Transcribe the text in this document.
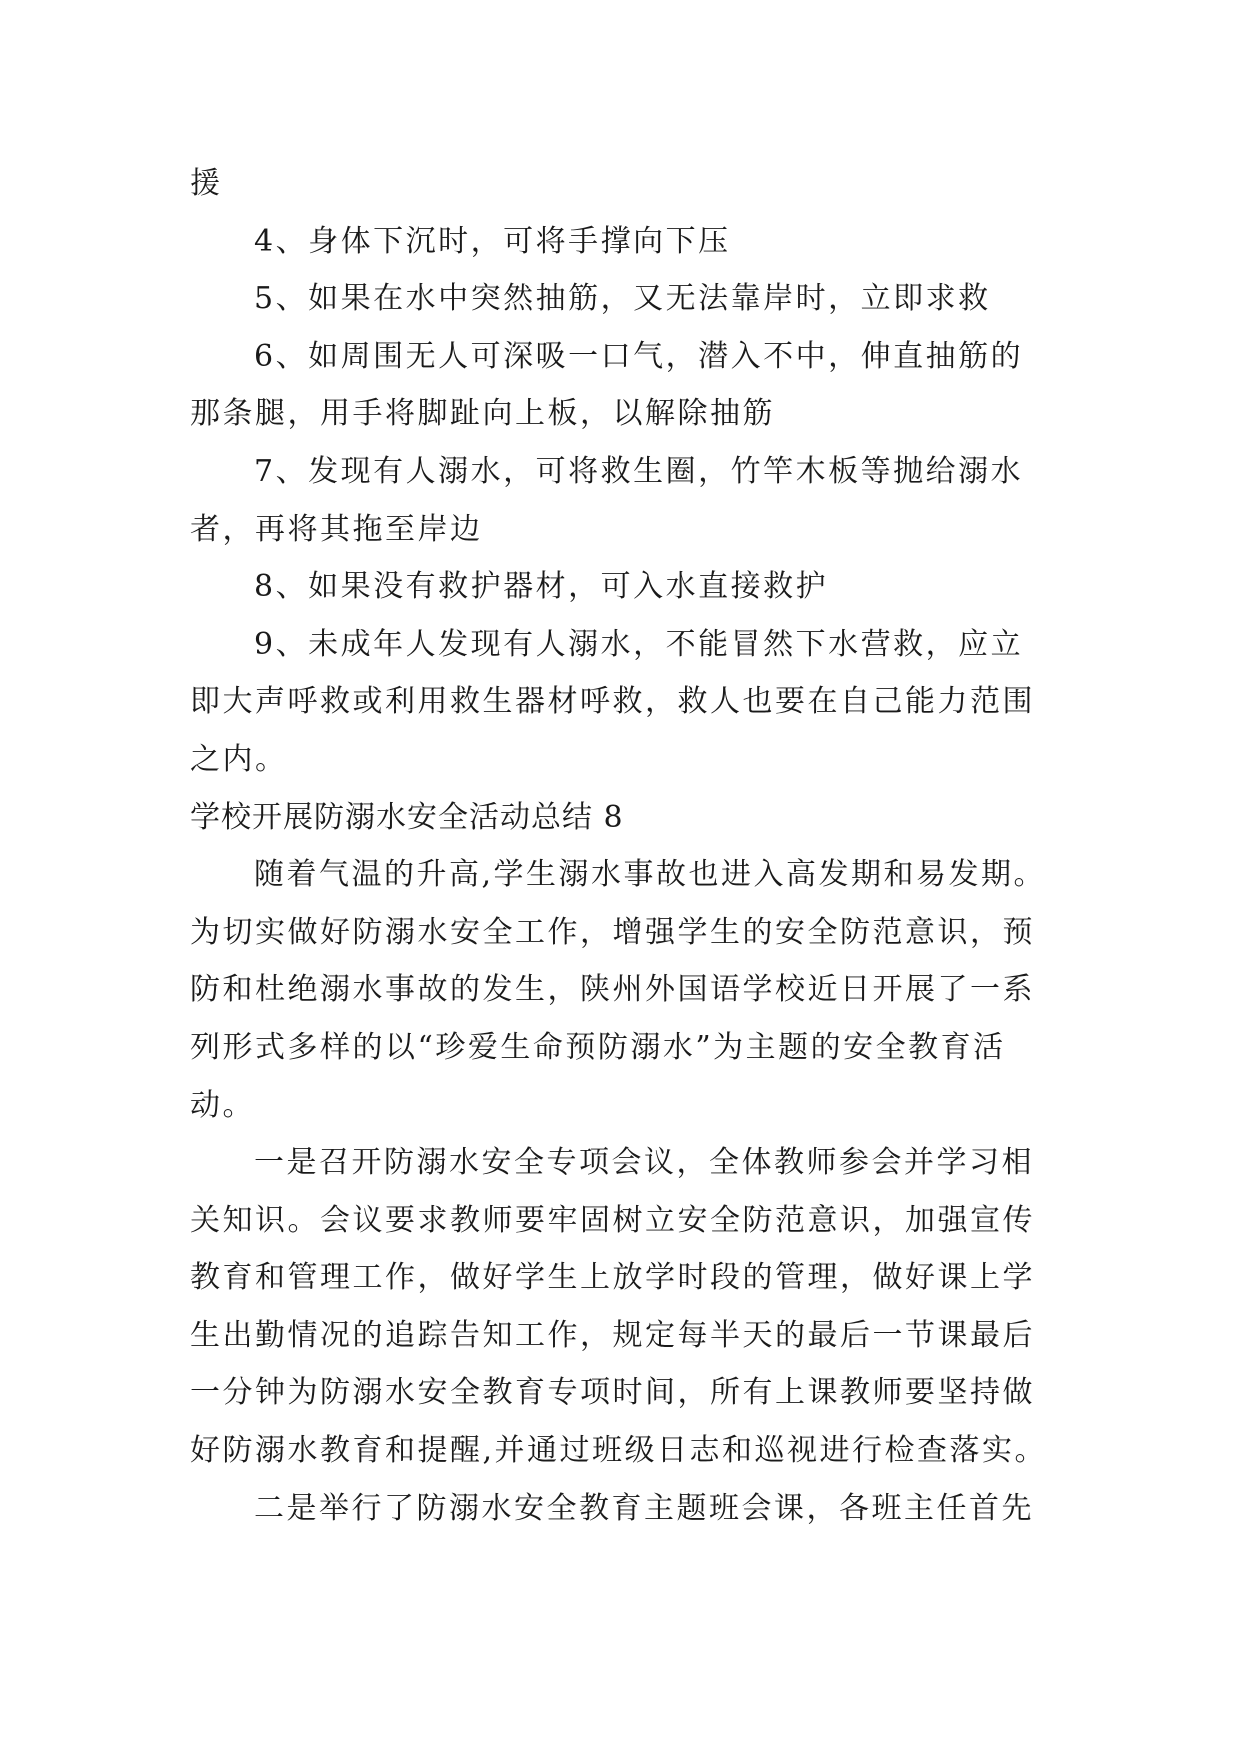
援
4、身体下沉时，可将手撑向下压
5、如果在水中突然抽筋，又无法靠岸时，立即求救
6、如周围无人可深吸一口气，潜入不中，伸直抽筋的
那条腿，用手将脚趾向上板，以解除抽筋
7、发现有人溺水，可将救生圈，竹竿木板等抛给溺水
者，再将其拖至岸边
8、如果没有救护器材，可入水直接救护
9、未成年人发现有人溺水，不能冒然下水营救，应立
即大声呼救或利用救生器材呼救，救人也要在自己能力范围
之内。
学校开展防溺水安全活动总结 8
随着气温的升高,学生溺水事故也进入高发期和易发期。
为切实做好防溺水安全工作，增强学生的安全防范意识，预
防和杜绝溺水事故的发生，陕州外国语学校近日开展了一系
列形式多样的以“珍爱生命预防溺水”为主题的安全教育活
动。
一是召开防溺水安全专项会议，全体教师参会并学习相
关知识。会议要求教师要牢固树立安全防范意识，加强宣传
教育和管理工作，做好学生上放学时段的管理，做好课上学
生出勤情况的追踪告知工作，规定每半天的最后一节课最后
一分钟为防溺水安全教育专项时间，所有上课教师要坚持做
好防溺水教育和提醒,并通过班级日志和巡视进行检查落实。
二是举行了防溺水安全教育主题班会课，各班主任首先
